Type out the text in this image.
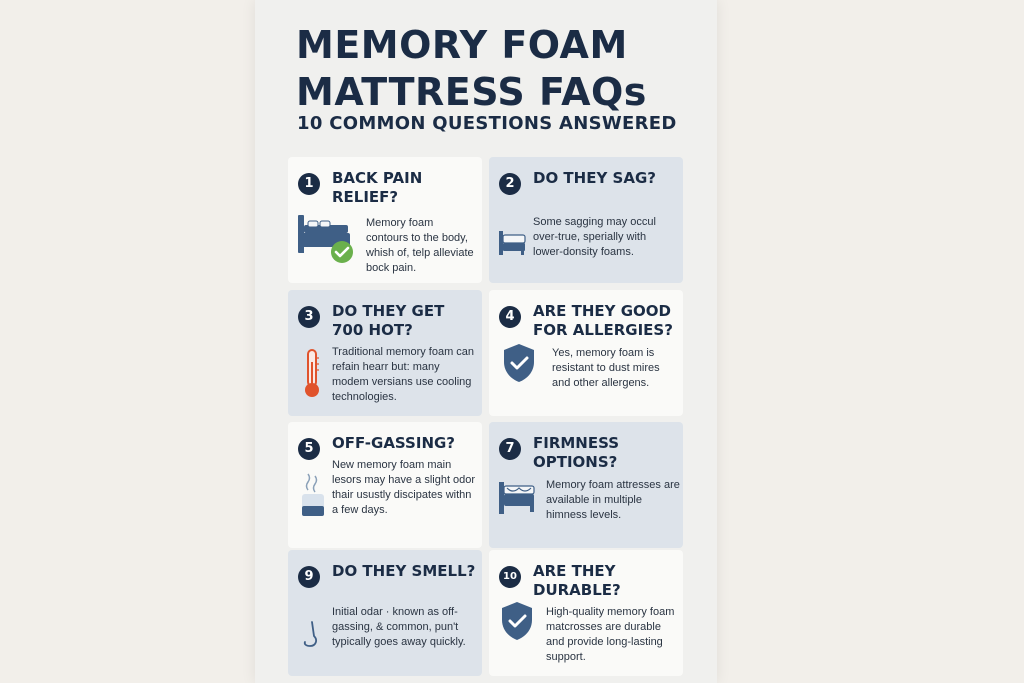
MEMORY FOAM
MATTRESS FAQs
10 COMMON QUESTIONS ANSWERED
1	BACK PAIN RELIEF?
Memory foam contours to the body, whish of, telp alleviate bock pain.
2	DO THEY SAG?
Some sagging may occul over-true, sperially with lower-donsity foams.
3	DO THEY GET 700 HOT?
Traditional memory foam can refain hearr but: many modem versians use cooling technologies.
4	ARE THEY GOOD FOR ALLERGIES?
Yes, memory foam is resistant to dust mires and other allergens.
5	OFF-GASSING?
New memory foam main lesors may have a slight odor thair usustly discipates withn a few days.
7	FIRMNESS OPTIONS?
Memory foam attresses are available in multiple himness levels.
9	DO THEY SMELL?
Initial odar · known as off-gassing, & common, pun't typically goes away quickly.
10 ARE THEY DURABLE?
High-quality memory foam matcrosses are durable and provide long-lasting support.
